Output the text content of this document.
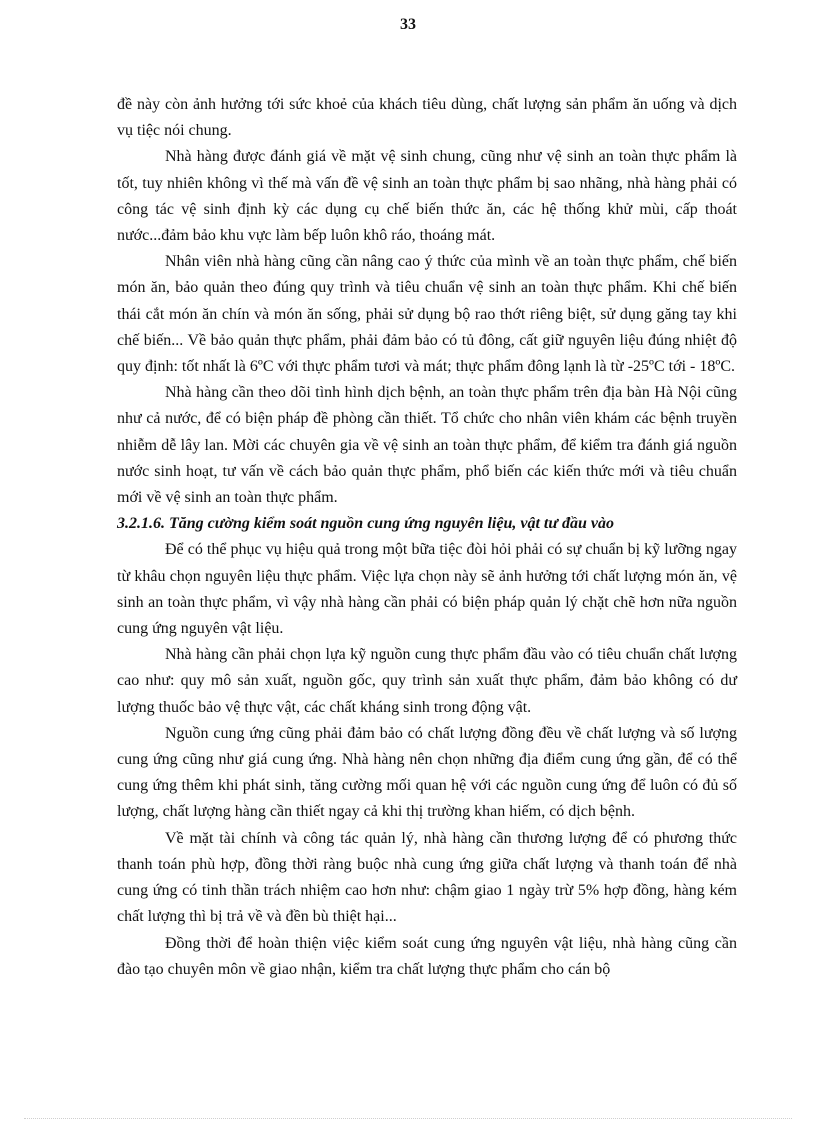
33

đề này còn ảnh hưởng tới sức khoẻ của khách tiêu dùng, chất lượng sản phẩm ăn uống và dịch vụ tiệc nói chung.

Nhà hàng được đánh giá về mặt vệ sinh chung, cũng như vệ sinh an toàn thực phẩm là tốt, tuy nhiên không vì thế mà vấn đề vệ sinh an toàn thực phẩm bị sao nhãng, nhà hàng phải có công tác vệ sinh định kỳ các dụng cụ chế biến thức ăn, các hệ thống khử mùi, cấp thoát nước...đảm bảo khu vực làm bếp luôn khô ráo, thoáng mát.

Nhân viên nhà hàng cũng cần nâng cao ý thức của mình về an toàn thực phẩm, chế biến món ăn, bảo quản theo đúng quy trình và tiêu chuẩn vệ sinh an toàn thực phẩm. Khi chế biến thái cắt món ăn chín và món ăn sống, phải sử dụng bộ rao thớt riêng biệt, sử dụng găng tay khi chế biến... Về bảo quản thực phẩm, phải đảm bảo có tủ đông, cất giữ nguyên liệu đúng nhiệt độ quy định: tốt nhất là 6ºC với thực phẩm tươi và mát; thực phẩm đông lạnh là từ -25ºC tới - 18ºC.

Nhà hàng cần theo dõi tình hình dịch bệnh, an toàn thực phẩm trên địa bàn Hà Nội cũng như cả nước, để có biện pháp đề phòng cần thiết. Tổ chức cho nhân viên khám các bệnh truyền nhiễm dễ lây lan. Mời các chuyên gia về vệ sinh an toàn thực phẩm, để kiểm tra đánh giá nguồn nước sinh hoạt, tư vấn về cách bảo quản thực phẩm, phổ biến các kiến thức mới và tiêu chuẩn mới về vệ sinh an toàn thực phẩm.

3.2.1.6. Tăng cường kiểm soát nguồn cung ứng nguyên liệu, vật tư đầu vào

Để có thể phục vụ hiệu quả trong một bữa tiệc đòi hỏi phải có sự chuẩn bị kỹ lưỡng ngay từ khâu chọn nguyên liệu thực phẩm. Việc lựa chọn này sẽ ảnh hưởng tới chất lượng món ăn, vệ sinh an toàn thực phẩm, vì vậy nhà hàng cần phải có biện pháp quản lý chặt chẽ hơn nữa nguồn cung ứng nguyên vật liệu.

Nhà hàng cần phải chọn lựa kỹ nguồn cung thực phẩm đầu vào có tiêu chuẩn chất lượng cao như: quy mô sản xuất, nguồn gốc, quy trình sản xuất thực phẩm, đảm bảo không có dư lượng thuốc bảo vệ thực vật, các chất kháng sinh trong động vật.

Nguồn cung ứng cũng phải đảm bảo có chất lượng đồng đều về chất lượng và số lượng cung ứng cũng như giá cung ứng. Nhà hàng nên chọn những địa điểm cung ứng gần, để có thể cung ứng thêm khi phát sinh, tăng cường mối quan hệ với các nguồn cung ứng để luôn có đủ số lượng, chất lượng hàng cần thiết ngay cả khi thị trường khan hiếm, có dịch bệnh.

Về mặt tài chính và công tác quản lý, nhà hàng cần thương lượng để có phương thức thanh toán phù hợp, đồng thời ràng buộc nhà cung ứng giữa chất lượng và thanh toán để nhà cung ứng có tinh thần trách nhiệm cao hơn như: chậm giao 1 ngày trừ 5% hợp đồng, hàng kém chất lượng thì bị trả về và đền bù thiệt hại...

Đồng thời để hoàn thiện việc kiểm soát cung ứng nguyên vật liệu, nhà hàng cũng cần đào tạo chuyên môn về giao nhận, kiểm tra chất lượng thực phẩm cho cán bộ
